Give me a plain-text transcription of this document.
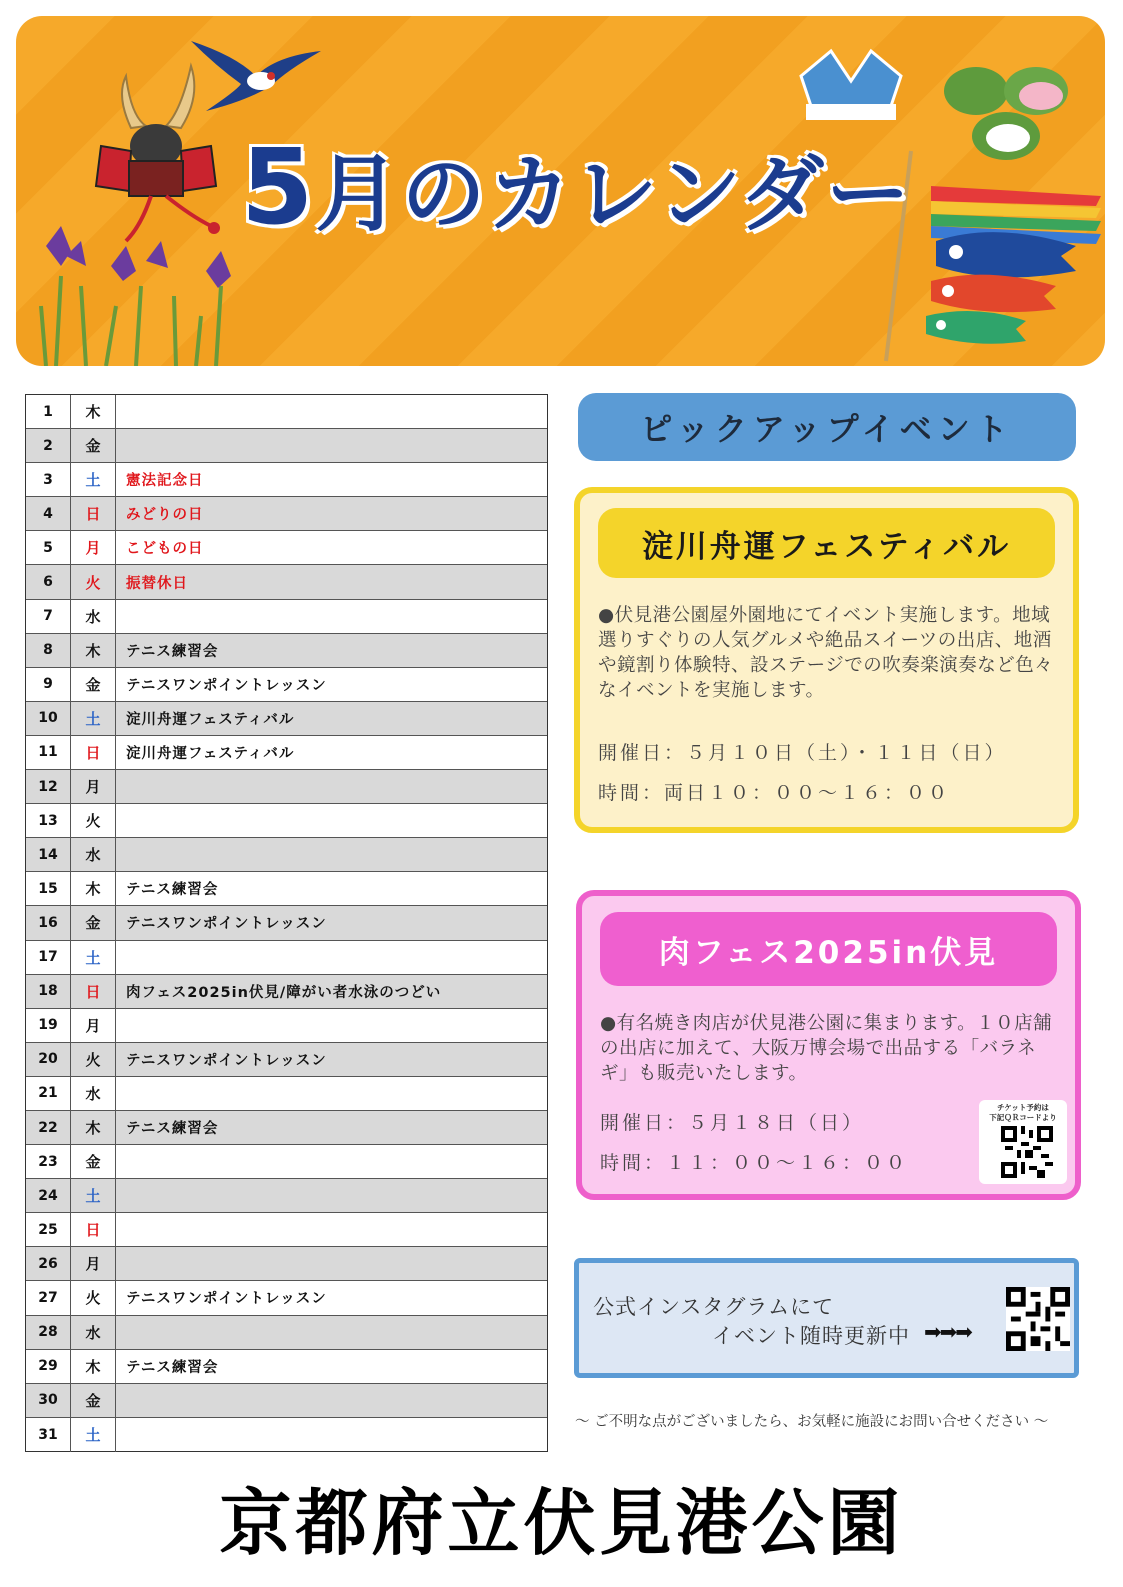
5月のカレンダー
1	木
2	金
3	土	憲法記念日
4	日	みどりの日
5	月	こどもの日
6	火	振替休日
7	水
8	木	テニス練習会
9	金	テニスワンポイントレッスン
10	土	淀川舟運フェスティバル
11	日	淀川舟運フェスティバル
12	月
13	火
14	水
15	木	テニス練習会
16	金	テニスワンポイントレッスン
17	土
18	日	肉フェス2025in伏見/障がい者水泳のつどい
19	月
20	火	テニスワンポイントレッスン
21	水
22	木	テニス練習会
23	金
24	土
25	日
26	月
27	火	テニスワンポイントレッスン
28	水
29	木	テニス練習会
30	金
31	土
ピックアップイベント
淀川舟運フェスティバル
●伏見港公園屋外園地にてイベント実施します。地域選りすぐりの人気グルメや絶品スイーツの出店、地酒や鏡割り体験特、設ステージでの吹奏楽演奏など色々なイベントを実施します。
開催日：５月１０日（土）・１１日（日）
時間：両日１０：００〜１６：００
肉フェス2025in伏見
●有名焼き肉店が伏見港公園に集まります。１０店舗の出店に加えて、大阪万博会場で出品する「バラネギ」も販売いたします。
開催日：５月１８日（日）
時間：１１：００〜１６：００
チケット予約は
下記ＱＲコードより
公式インスタグラムにて
イベント随時更新中 ➡➡➡
～ ご不明な点がございましたら、お気軽に施設にお問い合せください ～
京都府立伏見港公園
